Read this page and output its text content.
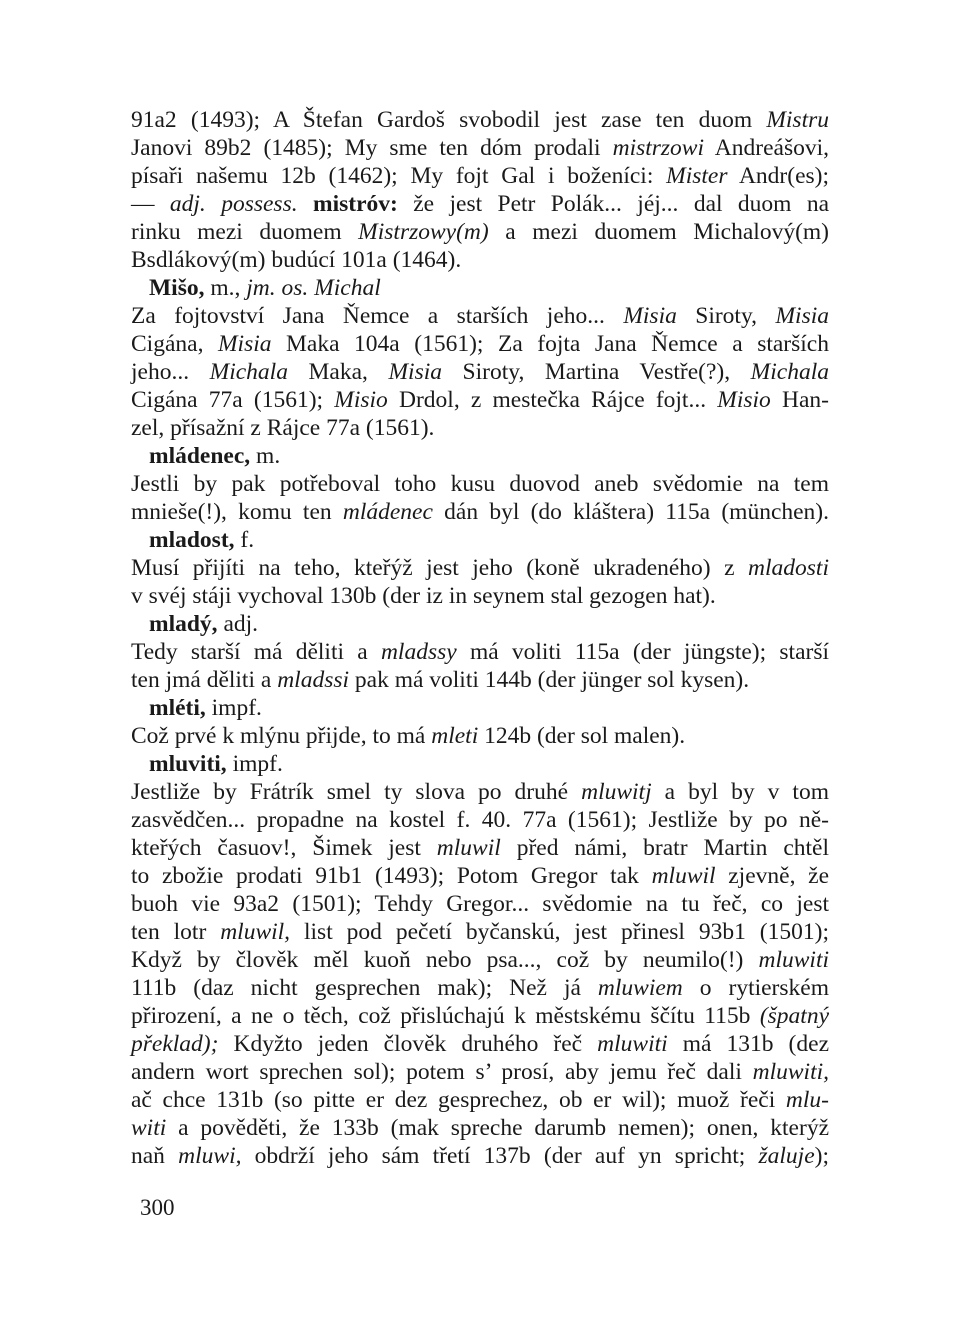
91a2 (1493); A Štefan Gardoš svobodil jest zase ten duom Mistru
Janovi 89b2 (1485); My sme ten dóm prodali mistrzowi Andreášovi,
písaři našemu 12b (1462); My fojt Gal i boženíci: Mister Andr(es);
— adj. possess. mistróv: že jest Petr Polák... jéj... dal duom na
rinku mezi duomem Mistrzowy(m) a mezi duomem Michalový(m)
Bsdlákový(m) budúcí 101a (1464).
Mišo, m., jm. os. Michal
Za fojtovství Jana Ňemce a starších jeho... Misia Siroty, Misia
Cigána, Misia Maka 104a (1561); Za fojta Jana Ňemce a starších
jeho... Michala Maka, Misia Siroty, Martina Vestře(?), Michala
Cigána 77a (1561); Misio Drdol, z mestečka Rájce fojt... Misio Han-
zel, přísažní z Rájce 77a (1561).
mládenec, m.
Jestli by pak potřeboval toho kusu duovod aneb svědomie na tem
mnieše(!), komu ten mládenec dán byl (do kláštera) 115a (münchen).
mladost, f.
Musí přijíti na teho, kteřýž jest jeho (koně ukradeného) z mladosti
v svéj stáji vychoval 130b (der iz in seynem stal gezogen hat).
mladý, adj.
Tedy starší má děliti a mladssy má voliti 115a (der jüngste); starší
ten jmá děliti a mladssi pak má voliti 144b (der jünger sol kysen).
mléti, impf.
Což prvé k mlýnu přijde, to má mleti 124b (der sol malen).
mluviti, impf.
Jestliže by Frátrík smel ty slova po druhé mluwitj a byl by v tom
zasvědčen... propadne na kostel f. 40. 77a (1561); Jestliže by po ně-
kteřých časuov!, Šimek jest mluwil před námi, bratr Martin chtěl
to zbožie prodati 91b1 (1493); Potom Gregor tak mluwil zjevně, že
buoh vie 93a2 (1501); Tehdy Gregor... svědomie na tu řeč, co jest
ten lotr mluwil, list pod pečetí byčanskú, jest přinesl 93b1 (1501);
Když by člověk měl kuoň nebo psa..., což by neumilo(!) mluwiti
111b (daz nicht gesprechen mak); Než já mluwiem o rytierském
přirození, a ne o těch, což přislúchajú k městskému ščítu 115b (špatný
překlad); Kdyžto jeden člověk druhého řeč mluwiti má 131b (dez
andern wort sprechen sol); potem s’ prosí, aby jemu řeč dali mluwiti,
ač chce 131b (so pitte er dez gesprechez, ob er wil); muož řeči mlu-
witi a pověděti, že 133b (mak spreche darumb nemen); onen, kterýž
naň mluwi, obdrží jeho sám třetí 137b (der auf yn spricht; žaluje);
300
